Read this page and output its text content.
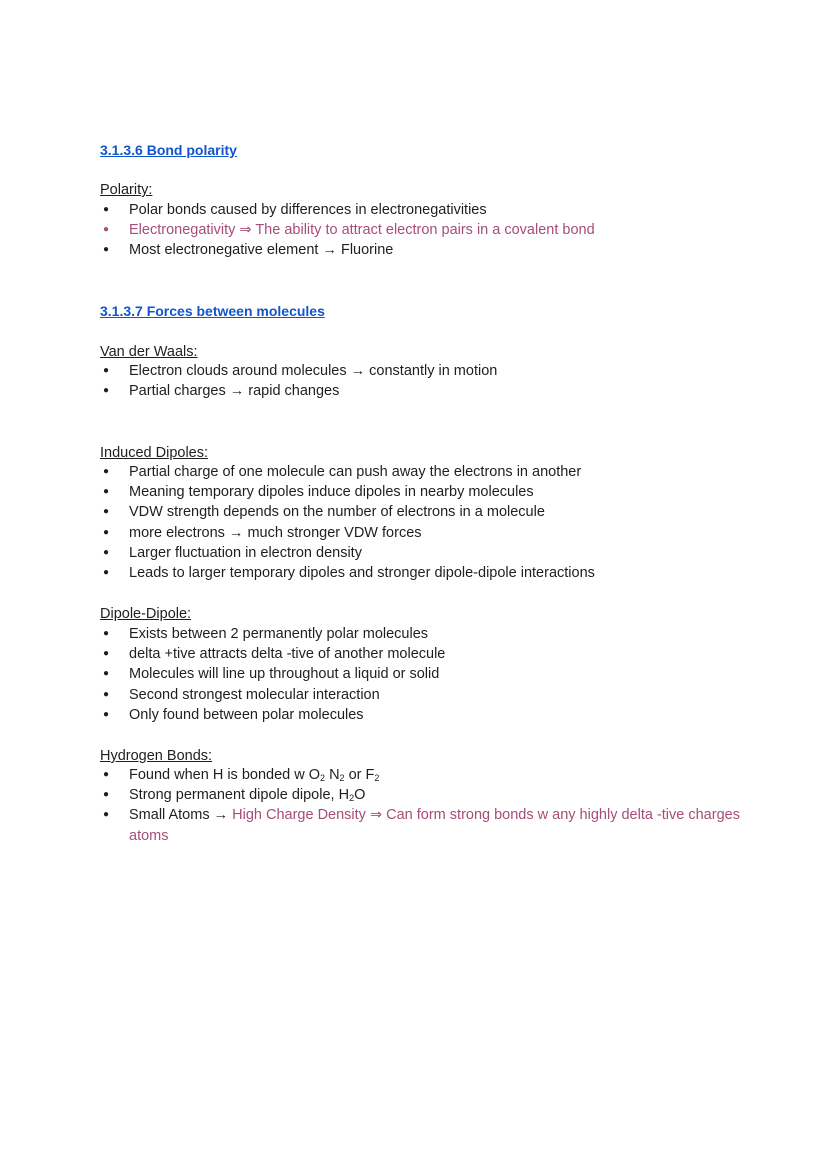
3.1.3.6 Bond polarity

Polarity:

● Polar bonds caused by differences in electronegativities
● Electronegativity ⇒ The ability to attract electron pairs in a covalent bond
● Most electronegative element → Fluorine

3.1.3.7 Forces between molecules

Van der Waals:

● Electron clouds around molecules → constantly in motion
● Partial charges → rapid changes

Induced Dipoles:

● Partial charge of one molecule can push away the electrons in another
● Meaning temporary dipoles induce dipoles in nearby molecules
● VDW strength depends on the number of electrons in a molecule
● more electrons → much stronger VDW forces
● Larger fluctuation in electron density
● Leads to larger temporary dipoles and stronger dipole-dipole interactions

Dipole-Dipole:

● Exists between 2 permanently polar molecules
● delta +tive attracts delta -tive of another molecule
● Molecules will line up throughout a liquid or solid
● Second strongest molecular interaction
● Only found between polar molecules

Hydrogen Bonds:

● Found when H is bonded w $O_2$ $N_2$ or $F_2$
● Strong permanent dipole dipole, $H_2O$
● Small Atoms → High Charge Density ⇒ Can form strong bonds w any highly delta -tive charges atoms
